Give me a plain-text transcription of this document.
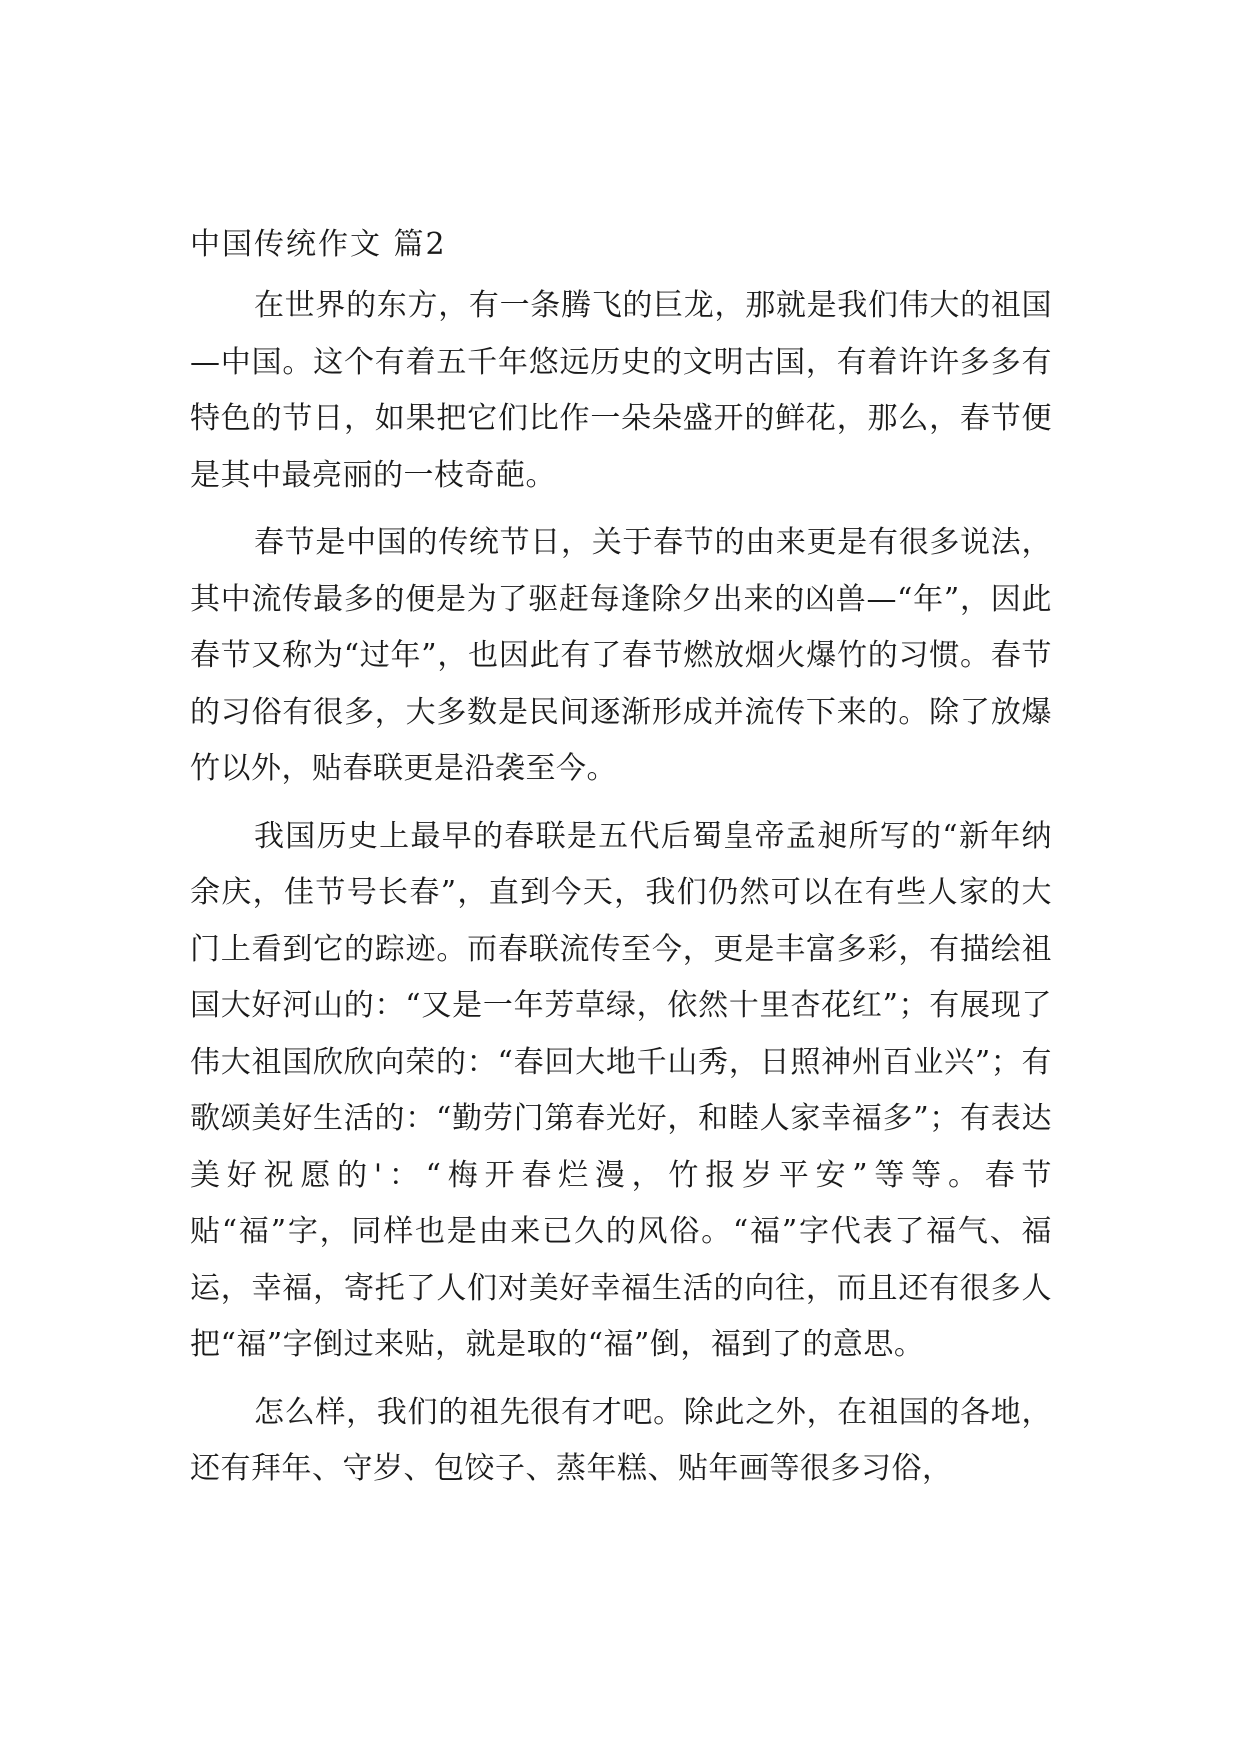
中国传统作文 篇2

在世界的东方，有一条腾飞的巨龙，那就是我们伟大的祖国—中国。这个有着五千年悠远历史的文明古国，有着许许多多有特色的节日，如果把它们比作一朵朵盛开的鲜花，那么，春节便是其中最亮丽的一枝奇葩。

春节是中国的传统节日，关于春节的由来更是有很多说法，其中流传最多的便是为了驱赶每逢除夕出来的凶兽—“年”，因此春节又称为“过年”，也因此有了春节燃放烟火爆竹的习惯。春节的习俗有很多，大多数是民间逐渐形成并流传下来的。除了放爆竹以外，贴春联更是沿袭至今。

我国历史上最早的春联是五代后蜀皇帝孟昶所写的“新年纳余庆，佳节号长春”，直到今天，我们仍然可以在有些人家的大门上看到它的踪迹。而春联流传至今，更是丰富多彩，有描绘祖国大好河山的：“又是一年芳草绿，依然十里杏花红”；有展现了伟大祖国欣欣向荣的：“春回大地千山秀，日照神州百业兴”；有歌颂美好生活的：“勤劳门第春光好，和睦人家幸福多”；有表达美好祝愿的'：“梅开春烂漫，竹报岁平安”等等。春节贴“福”字，同样也是由来已久的风俗。“福”字代表了福气、福运，幸福，寄托了人们对美好幸福生活的向往，而且还有很多人把“福”字倒过来贴，就是取的“福”倒，福到了的意思。

怎么样，我们的祖先很有才吧。除此之外，在祖国的各地，还有拜年、守岁、包饺子、蒸年糕、贴年画等很多习俗，
